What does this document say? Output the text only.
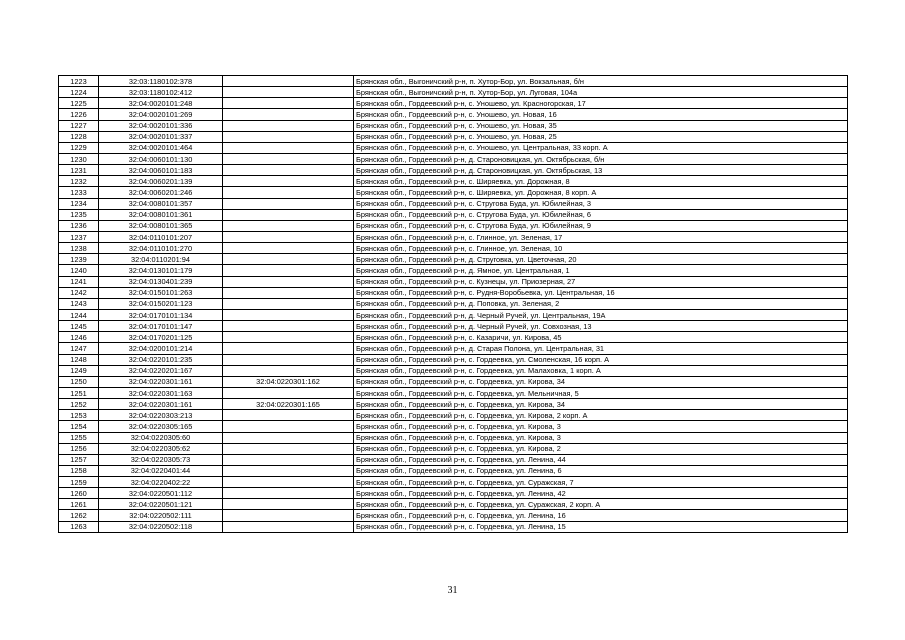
1223	32:03:1180102:378		Брянская обл., Выгоничский р-н, п. Хутор-Бор, ул. Вокзальная, б/н
1224	32:03:1180102:412		Брянская обл., Выгоничский р-н, п. Хутор-Бор, ул. Луговая, 104а
1225	32:04:0020101:248		Брянская обл., Гордеевский р-н, с. Уношево, ул. Красногорская, 17
1226	32:04:0020101:269		Брянская обл., Гордеевский р-н, с. Уношево, ул. Новая, 16
1227	32:04:0020101:336		Брянская обл., Гордеевский р-н, с. Уношево, ул. Новая, 35
1228	32:04:0020101:337		Брянская обл., Гордеевский р-н, с. Уношево, ул. Новая, 25
1229	32:04:0020101:464		Брянская обл., Гордеевский р-н, с. Уношево, ул. Центральная, 33 корп. А
1230	32:04:0060101:130		Брянская обл., Гордеевский р-н, д. Староновицкая, ул. Октябрьская, б/н
1231	32:04:0060101:183		Брянская обл., Гордеевский р-н, д. Староновицкая, ул. Октябрьская, 13
1232	32:04:0060201:139		Брянская обл., Гордеевский р-н, с. Ширяевка, ул. Дорожная, 8
1233	32:04:0060201:246		Брянская обл., Гордеевский р-н, с. Ширяевка, ул. Дорожная, 8 корп. А
1234	32:04:0080101:357		Брянская обл., Гордеевский р-н, с. Стругова Буда, ул. Юбилейная, 3
1235	32:04:0080101:361		Брянская обл., Гордеевский р-н, с. Стругова Буда, ул. Юбилейная, 6
1236	32:04:0080101:365		Брянская обл., Гордеевский р-н, с. Стругова Буда, ул. Юбилейная, 9
1237	32:04:0110101:207		Брянская обл., Гордеевский р-н, с. Глинное, ул. Зеленая, 17
1238	32:04:0110101:270		Брянская обл., Гордеевский р-н, с. Глинное, ул. Зеленая, 10
1239	32:04:0110201:94		Брянская обл., Гордеевский р-н, д. Струговка, ул. Цветочная, 20
1240	32:04:0130101:179		Брянская обл., Гордеевский р-н, д. Ямное, ул. Центральная, 1
1241	32:04:0130401:239		Брянская обл., Гордеевский р-н, с. Кузнецы, ул. Приозерная, 27
1242	32:04:0150101:263		Брянская обл., Гордеевский р-н, с. Рудня-Воробьевка, ул. Центральная, 16
1243	32:04:0150201:123		Брянская обл., Гордеевский р-н, д. Поповка, ул. Зеленая, 2
1244	32:04:0170101:134		Брянская обл., Гордеевский р-н, д. Черный Ручей, ул. Центральная, 19А
1245	32:04:0170101:147		Брянская обл., Гордеевский р-н, д. Черный Ручей, ул. Совхозная, 13
1246	32:04:0170201:125		Брянская обл., Гордеевский р-н, с. Казаричи, ул. Кирова, 45
1247	32:04:0200101:214		Брянская обл., Гордеевский р-н, д. Старая Полона, ул. Центральная, 31
1248	32:04:0220101:235		Брянская обл., Гордеевский р-н, с. Гордеевка, ул. Смоленская, 16 корп. А
1249	32:04:0220201:167		Брянская обл., Гордеевский р-н, с. Гордеевка, ул. Малаховка, 1 корп. А
1250	32:04:0220301:161	32:04:0220301:162	Брянская обл., Гордеевский р-н, с. Гордеевка, ул. Кирова, 34
1251	32:04:0220301:163		Брянская обл., Гордеевский р-н, с. Гордеевка, ул. Мельничная, 5
1252	32:04:0220301:161	32:04:0220301:165	Брянская обл., Гордеевский р-н, с. Гордеевка, ул. Кирова, 34
1253	32:04:0220303:213		Брянская обл., Гордеевский р-н, с. Гордеевка, ул. Кирова, 2 корп. А
1254	32:04:0220305:165		Брянская обл., Гордеевский р-н, с. Гордеевка, ул. Кирова, 3
1255	32:04:0220305:60		Брянская обл., Гордеевский р-н, с. Гордеевка, ул. Кирова, 3
1256	32:04:0220305:62		Брянская обл., Гордеевский р-н, с. Гордеевка, ул. Кирова, 2
1257	32:04:0220305:73		Брянская обл., Гордеевский р-н, с. Гордеевка, ул. Ленина, 44
1258	32:04:0220401:44		Брянская обл., Гордеевский р-н, с. Гордеевка, ул. Ленина, 6
1259	32:04:0220402:22		Брянская обл., Гордеевский р-н, с. Гордеевка, ул. Суражская, 7
1260	32:04:0220501:112		Брянская обл., Гордеевский р-н, с. Гордеевка, ул. Ленина, 42
1261	32:04:0220501:121		Брянская обл., Гордеевский р-н, с. Гордеевка, ул. Суражская, 2 корп. А
1262	32:04:0220502:111		Брянская обл., Гордеевский р-н, с. Гордеевка, ул. Ленина, 16
1263	32:04:0220502:118		Брянская обл., Гордеевский р-н, с. Гордеевка, ул. Ленина, 15
31
